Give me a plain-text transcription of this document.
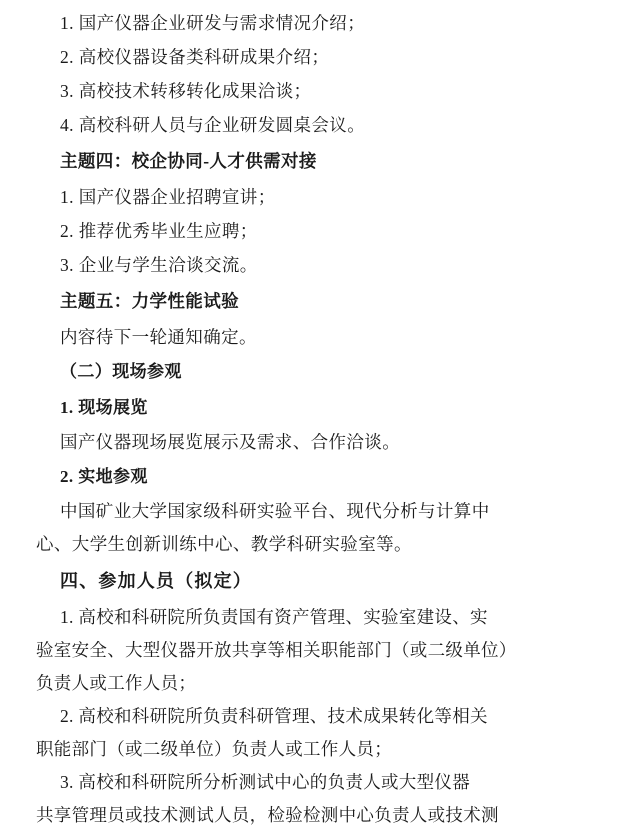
1. 国产仪器企业研发与需求情况介绍；
2. 高校仪器设备类科研成果介绍；
3. 高校技术转移转化成果洽谈；
4. 高校科研人员与企业研发圆桌会议。
主题四：校企协同-人才供需对接
1. 国产仪器企业招聘宣讲；
2. 推荐优秀毕业生应聘；
3. 企业与学生洽谈交流。
主题五：力学性能试验
内容待下一轮通知确定。
（二）现场参观
1. 现场展览
国产仪器现场展览展示及需求、合作洽谈。
2. 实地参观
中国矿业大学国家级科研实验平台、现代分析与计算中
心、大学生创新训练中心、教学科研实验室等。
四、参加人员（拟定）
1. 高校和科研院所负责国有资产管理、实验室建设、实
验室安全、大型仪器开放共享等相关职能部门（或二级单位）
负责人或工作人员；
2. 高校和科研院所负责科研管理、技术成果转化等相关
职能部门（或二级单位）负责人或工作人员；
3. 高校和科研院所分析测试中心的负责人或大型仪器
共享管理员或技术测试人员，检验检测中心负责人或技术测
